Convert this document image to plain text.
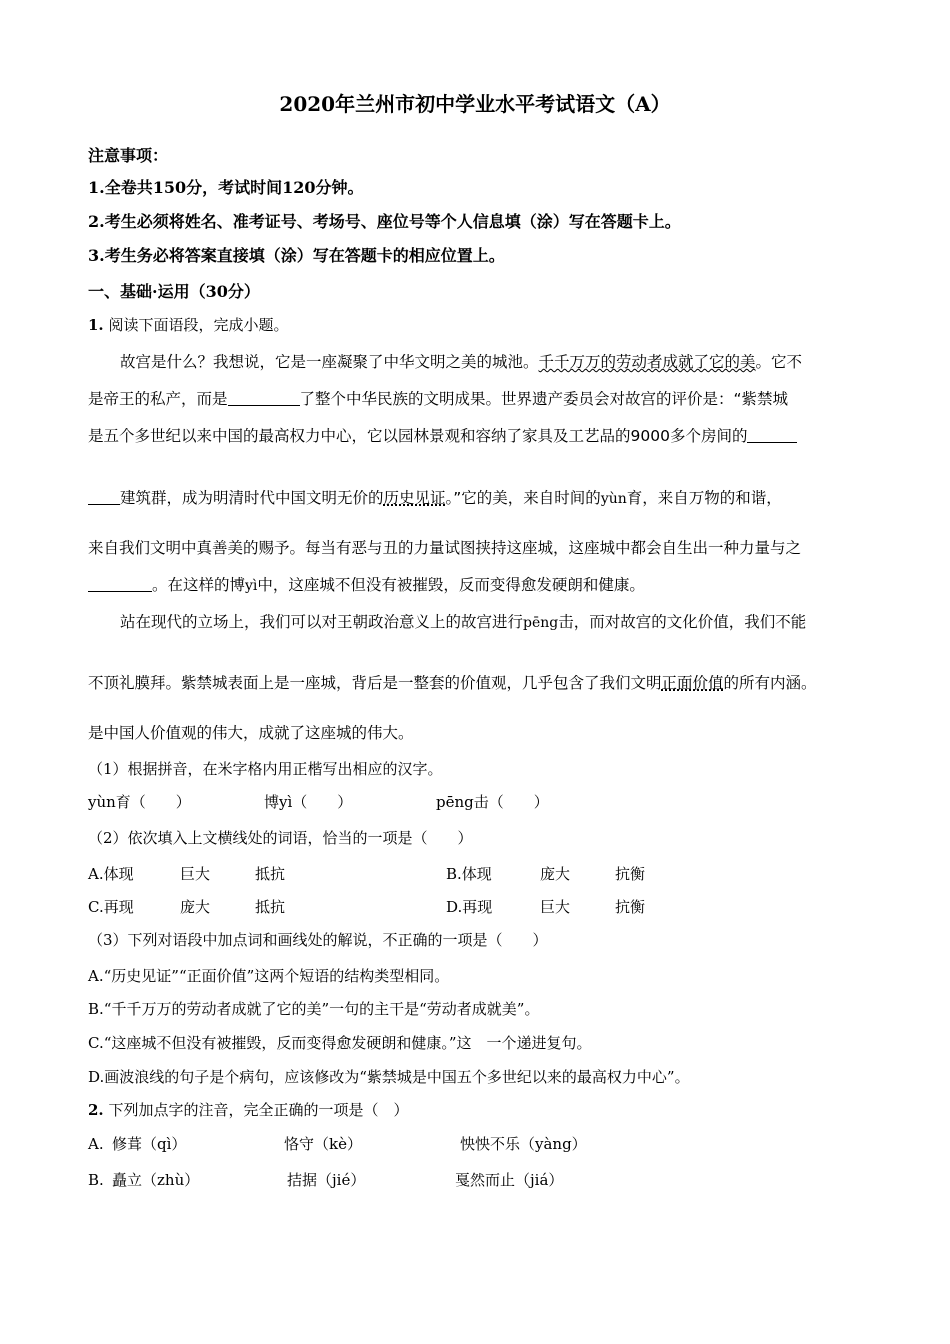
2020年兰州市初中学业水平考试语文（A）
注意事项：
1.全卷共150分，考试时间120分钟。
2.考生必须将姓名、准考证号、考场号、座位号等个人信息填（涂）写在答题卡上。
3.考生务必将答案直接填（涂）写在答题卡的相应位置上。
一、基础·运用（30分）
1. 阅读下面语段，完成小题。
故宫是什么？我想说，它是一座凝聚了中华文明之美的城池。千千万万的劳动者成就了它的美。它不
是帝王的私产，而是	了整个中华民族的文明成果。世界遗产委员会对故宫的评价是：“紫禁城
是五个多世纪以来中国的最高权力中心，它以园林景观和容纳了家具及工艺品的9000多个房间的
建筑群，成为明清时代中国文明无价的历史见证。”它的美，来自时间的yùn育，来自万物的和谐，
来自我们文明中真善美的赐予。每当有恶与丑的力量试图挟持这座城，这座城中都会自生出一种力量与之
。在这样的博yì中，这座城不但没有被摧毁，反而变得愈发硬朗和健康。
站在现代的立场上，我们可以对王朝政治意义上的故宫进行pēng击，而对故宫的文化价值，我们不能
不顶礼膜拜。紫禁城表面上是一座城，背后是一整套的价值观，几乎包含了我们文明正面价值的所有内涵。
是中国人价值观的伟大，成就了这座城的伟大。
（1）根据拼音，在米字格内用正楷写出相应的汉字。
yùn育（　　）	博yì（　　）	pēng击（　　）
（2）依次填入上文横线处的词语，恰当的一项是（　　）
A.体现	巨大	抵抗	B.体现	庞大	抗衡
C.再现	庞大	抵抗	D.再现	巨大	抗衡
（3）下列对语段中加点词和画线处的解说，不正确的一项是（　　）
A.“历史见证”“正面价值”这两个短语的结构类型相同。
B.“千千万万的劳动者成就了它的美”一句的主干是“劳动者成就美”。
C.“这座城不但没有被摧毁，反而变得愈发硬朗和健康。”这　一个递进复句。
D.画波浪线的句子是个病句，应该修改为“紫禁城是中国五个多世纪以来的最高权力中心”。
2. 下列加点字的注音，完全正确的一项是（　）
A. 修葺（qì）	恪守（kè）	怏怏不乐（yàng）
B. 矗立（zhù）	拮据（jié）	戛然而止（jiá）
